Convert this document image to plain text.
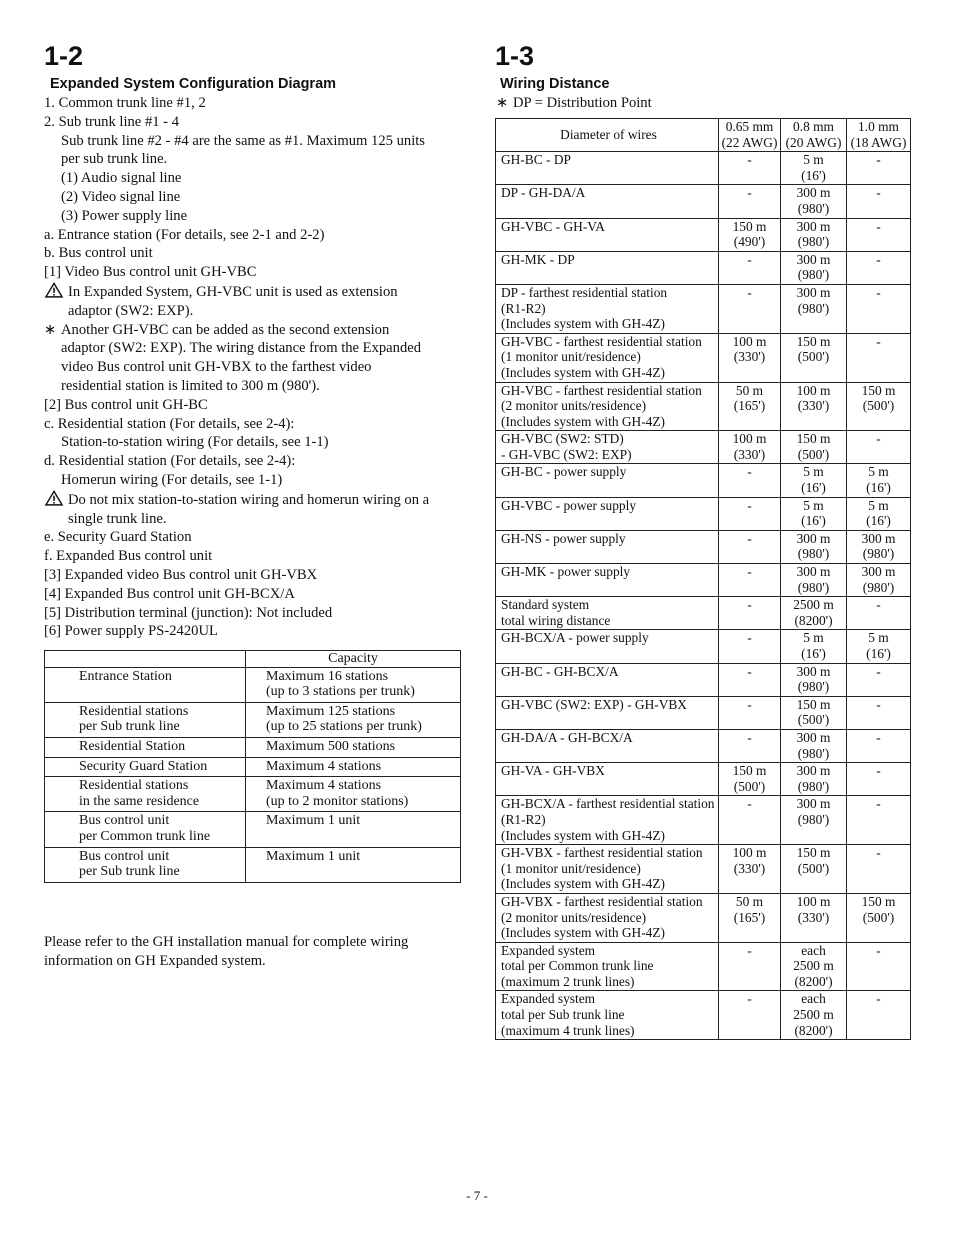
1-2
Expanded System Configuration Diagram
1. Common trunk line #1, 2
2. Sub trunk line #1 - 4
Sub trunk line #2 - #4 are the same as #1. Maximum 125 units
per sub trunk line.
(1) Audio signal line
(2) Video signal line
(3) Power supply line
a. Entrance station (For details, see 2-1 and 2-2)
b. Bus control unit
[1] Video Bus control unit GH-VBC
In Expanded System, GH-VBC unit is used as extension
adaptor (SW2: EXP).
∗ Another GH-VBC can be added as the second extension
adaptor (SW2: EXP). The wiring distance from the Expanded
video Bus control unit GH-VBX to the farthest video
residential station is limited to 300 m (980').
[2] Bus control unit GH-BC
c. Residential station (For details, see 2-4):
Station-to-station wiring (For details, see 1-1)
d. Residential station (For details, see 2-4):
Homerun wiring (For details, see 1-1)
Do not mix station-to-station wiring and homerun wiring on a
single trunk line.
e. Security Guard Station
f. Expanded Bus control unit
[3] Expanded video Bus control unit GH-VBX
[4] Expanded Bus control unit GH-BCX/A
[5] Distribution terminal (junction): Not included
[6] Power supply PS-2420UL
	Capacity

Entrance Station	Maximum 16 stations
(up to 3 stations per trunk)

Residential stations
per Sub trunk line	Maximum 125 stations
(up to 25 stations per trunk)

Residential Station	Maximum 500 stations

Security Guard Station	Maximum 4 stations

Residential stations
in the same residence	Maximum 4 stations
(up to 2 monitor stations)

Bus control unit
per Common trunk line	Maximum 1 unit

Bus control unit
per Sub trunk line	Maximum 1 unit
Please refer to the GH installation manual for complete wiring
information on GH Expanded system.
1-3
Wiring Distance
∗ DP = Distribution Point
Diameter of wires	0.65 mm
(22 AWG)	0.8 mm
(20 AWG)	1.0 mm
(18 AWG)

GH-BC - DP	-	5 m
(16')	-

DP - GH-DA/A	-	300 m
(980')	-

GH-VBC - GH-VA	150 m
(490')	300 m
(980')	-

GH-MK - DP	-	300 m
(980')	-

DP - farthest residential station
(R1-R2)
(Includes system with GH-4Z)	-	300 m
(980')	-

GH-VBC - farthest residential station
(1 monitor unit/residence)
(Includes system with GH-4Z)	100 m
(330')	150 m
(500')	-

GH-VBC - farthest residential station
(2 monitor units/residence)
(Includes system with GH-4Z)	50 m
(165')	100 m
(330')	150 m
(500')

GH-VBC (SW2: STD)
- GH-VBC (SW2: EXP)	100 m
(330')	150 m
(500')	-

GH-BC - power supply	-	5 m
(16')	5 m
(16')

GH-VBC - power supply	-	5 m
(16')	5 m
(16')

GH-NS - power supply	-	300 m
(980')	300 m
(980')

GH-MK - power supply	-	300 m
(980')	300 m
(980')

Standard system
total wiring distance	-	2500 m
(8200')	-

GH-BCX/A - power supply	-	5 m
(16')	5 m
(16')

GH-BC - GH-BCX/A	-	300 m
(980')	-

GH-VBC (SW2: EXP) - GH-VBX	-	150 m
(500')	-

GH-DA/A - GH-BCX/A	-	300 m
(980')	-

GH-VA - GH-VBX	150 m
(500')	300 m
(980')	-

GH-BCX/A - farthest residential station
(R1-R2)
(Includes system with GH-4Z)	-	300 m
(980')	-

GH-VBX - farthest residential station
(1 monitor unit/residence)
(Includes system with GH-4Z)	100 m
(330')	150 m
(500')	-

GH-VBX - farthest residential station
(2 monitor units/residence)
(Includes system with GH-4Z)	50 m
(165')	100 m
(330')	150 m
(500')

Expanded system
total per Common trunk line
(maximum 2 trunk lines)	-	each
2500 m
(8200')	-

Expanded system
total per Sub trunk line
(maximum 4 trunk lines)	-	each
2500 m
(8200')	-
- 7 -
